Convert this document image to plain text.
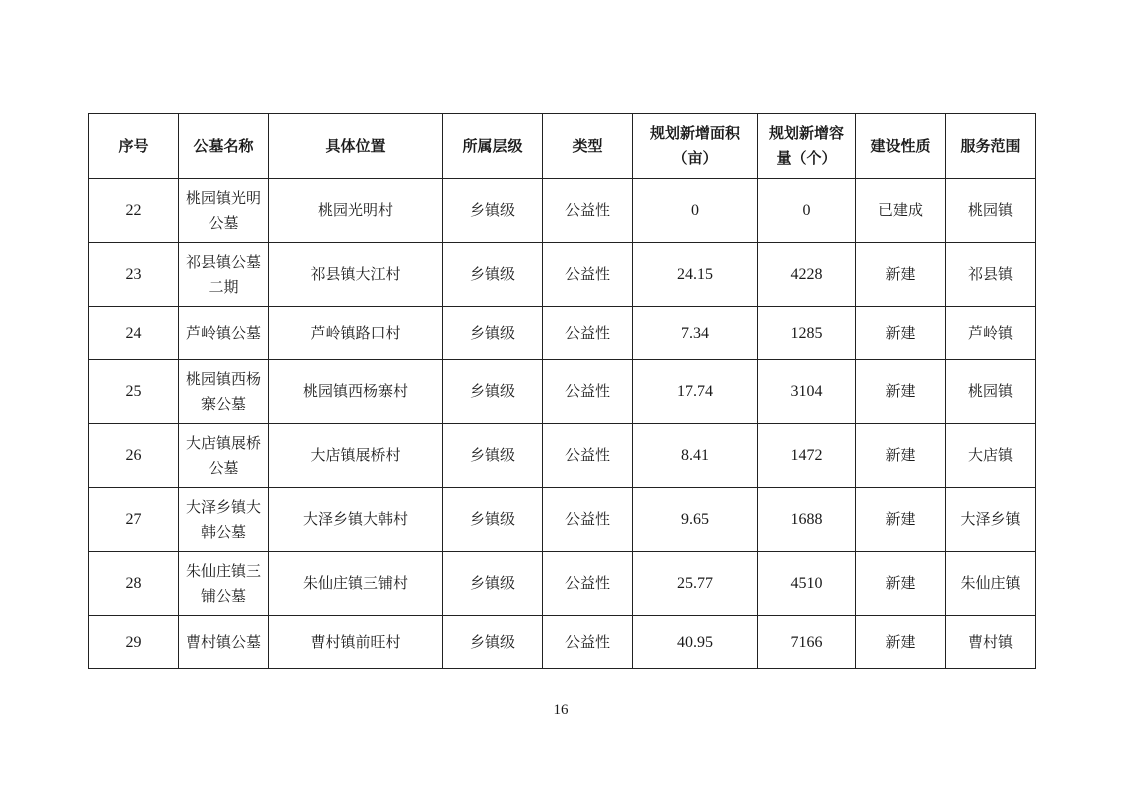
序号	公墓名称	具体位置	所属层级	类型	规划新增面积（亩）	规划新增容量（个）	建设性质	服务范围
22	桃园镇光明公墓	桃园光明村	乡镇级	公益性	0	0	已建成	桃园镇
23	祁县镇公墓二期	祁县镇大江村	乡镇级	公益性	24.15	4228	新建	祁县镇
24	芦岭镇公墓	芦岭镇路口村	乡镇级	公益性	7.34	1285	新建	芦岭镇
25	桃园镇西杨寨公墓	桃园镇西杨寨村	乡镇级	公益性	17.74	3104	新建	桃园镇
26	大店镇展桥公墓	大店镇展桥村	乡镇级	公益性	8.41	1472	新建	大店镇
27	大泽乡镇大韩公墓	大泽乡镇大韩村	乡镇级	公益性	9.65	1688	新建	大泽乡镇
28	朱仙庄镇三铺公墓	朱仙庄镇三铺村	乡镇级	公益性	25.77	4510	新建	朱仙庄镇
29	曹村镇公墓	曹村镇前旺村	乡镇级	公益性	40.95	7166	新建	曹村镇
16
